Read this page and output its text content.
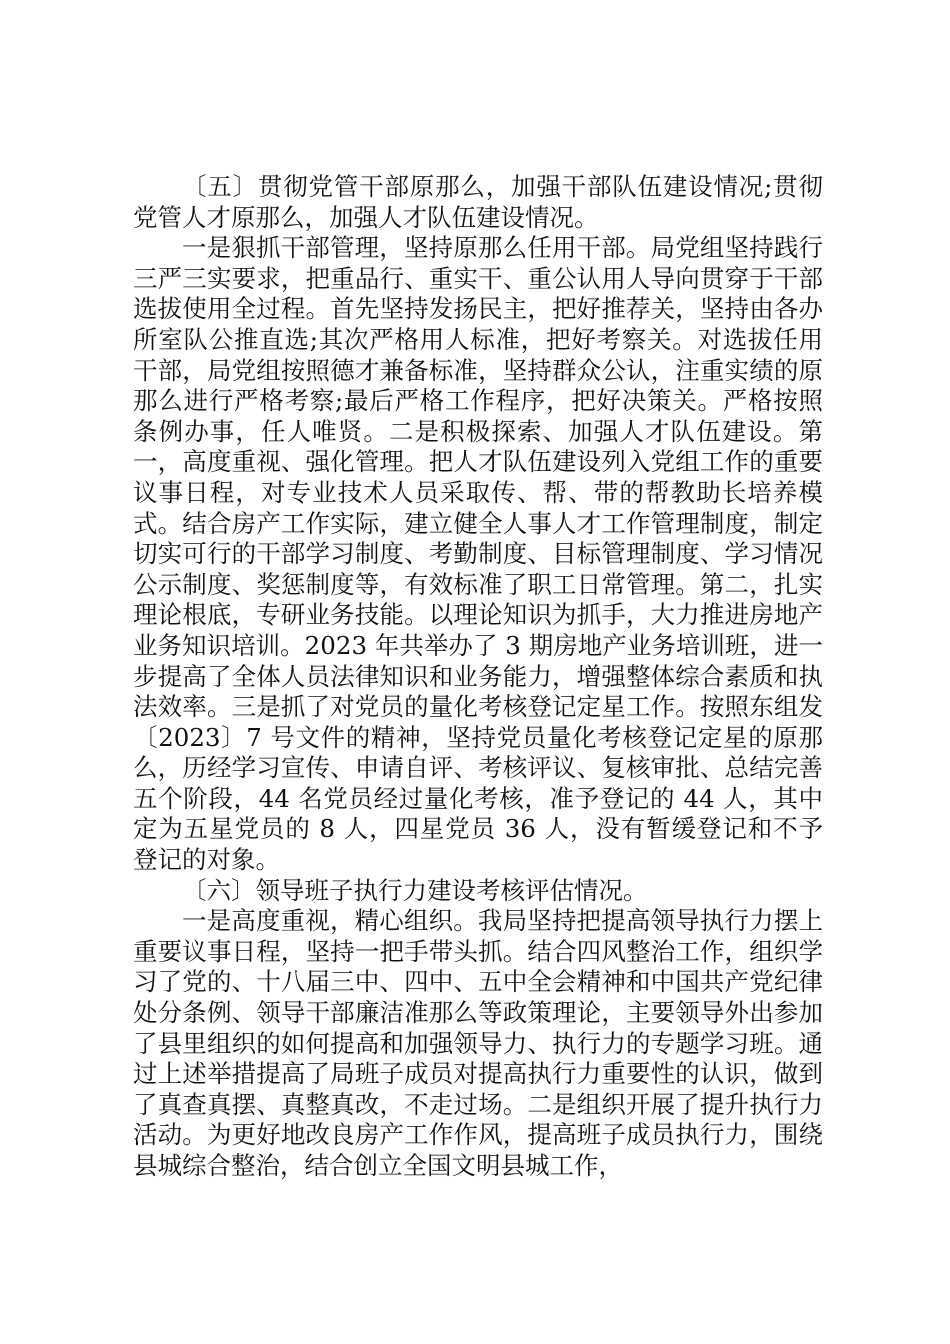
〔五〕贯彻党管干部原那么，加强干部队伍建设情况;贯彻党管人才原那么，加强人才队伍建设情况。

一是狠抓干部管理，坚持原那么任用干部。局党组坚持践行三严三实要求，把重品行、重实干、重公认用人导向贯穿于干部选拔使用全过程。首先坚持发扬民主，把好推荐关，坚持由各办所室队公推直选;其次严格用人标准，把好考察关。对选拔任用干部，局党组按照德才兼备标准，坚持群众公认，注重实绩的原那么进行严格考察;最后严格工作程序，把好决策关。严格按照条例办事，任人唯贤。二是积极探索、加强人才队伍建设。第一，高度重视、强化管理。把人才队伍建设列入党组工作的重要议事日程，对专业技术人员采取传、帮、带的帮教助长培养模式。结合房产工作实际，建立健全人事人才工作管理制度，制定切实可行的干部学习制度、考勤制度、目标管理制度、学习情况公示制度、奖惩制度等，有效标准了职工日常管理。第二，扎实理论根底，专研业务技能。以理论知识为抓手，大力推进房地产业务知识培训。2023 年共举办了 3 期房地产业务培训班，进一步提高了全体人员法律知识和业务能力，增强整体综合素质和执法效率。三是抓了对党员的量化考核登记定星工作。按照东组发〔2023〕7 号文件的精神，坚持党员量化考核登记定星的原那么，历经学习宣传、申请自评、考核评议、复核审批、总结完善五个阶段，44 名党员经过量化考核，准予登记的 44 人，其中定为五星党员的 8 人，四星党员 36 人，没有暂缓登记和不予登记的对象。

〔六〕领导班子执行力建设考核评估情况。

一是高度重视，精心组织。我局坚持把提高领导执行力摆上重要议事日程，坚持一把手带头抓。结合四风整治工作，组织学习了党的、十八届三中、四中、五中全会精神和中国共产党纪律处分条例、领导干部廉洁准那么等政策理论，主要领导外出参加了县里组织的如何提高和加强领导力、执行力的专题学习班。通过上述举措提高了局班子成员对提高执行力重要性的认识，做到了真查真摆、真整真改，不走过场。二是组织开展了提升执行力活动。为更好地改良房产工作作风，提高班子成员执行力，围绕县城综合整治，结合创立全国文明县城工作，
